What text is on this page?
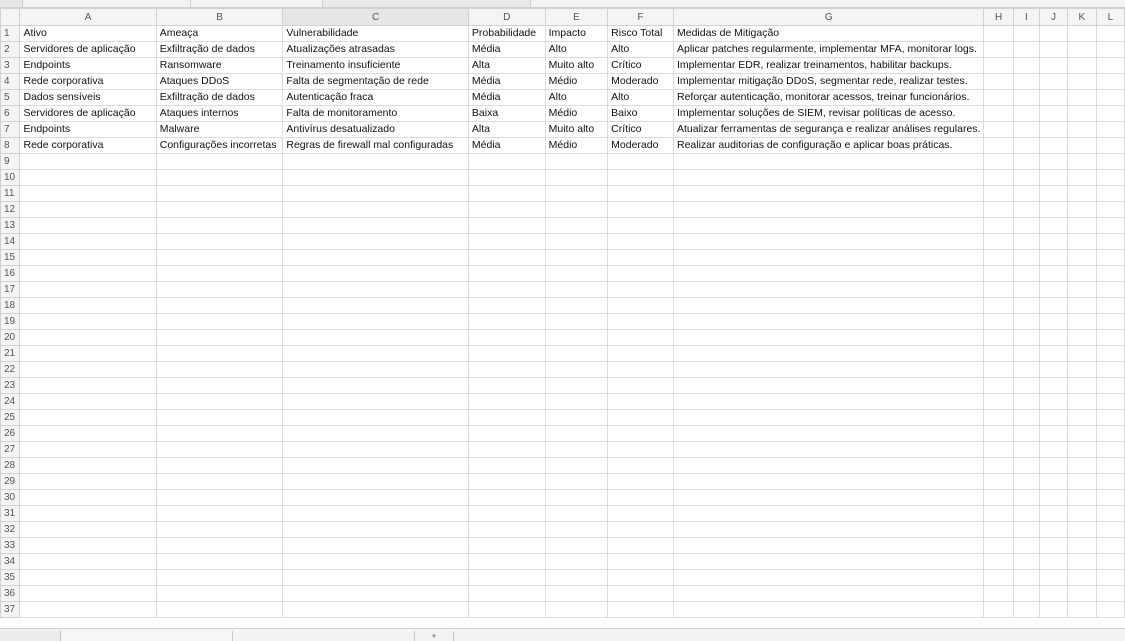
	A	B	C	D	E	F	G	H	I	J	K	L
1	Ativo	Ameaça	Vulnerabilidade	Probabilidade	Impacto	Risco Total	Medidas de Mitigação					
2	Servidores de aplicação	Exfiltração de dados	Atualizações atrasadas	Média	Alto	Alto	Aplicar patches regularmente, implementar MFA, monitorar logs.					
3	Endpoints	Ransomware	Treinamento insuficiente	Alta	Muito alto	Crítico	Implementar EDR, realizar treinamentos, habilitar backups.					
4	Rede corporativa	Ataques DDoS	Falta de segmentação de rede	Média	Médio	Moderado	Implementar mitigação DDoS, segmentar rede, realizar testes.					
5	Dados sensíveis	Exfiltração de dados	Autenticação fraca	Média	Alto	Alto	Reforçar autenticação, monitorar acessos, treinar funcionários.					
6	Servidores de aplicação	Ataques internos	Falta de monitoramento	Baixa	Médio	Baixo	Implementar soluções de SIEM, revisar políticas de acesso.					
7	Endpoints	Malware	Antivírus desatualizado	Alta	Muito alto	Crítico	Atualizar ferramentas de segurança e realizar análises regulares.					
8	Rede corporativa	Configurações incorretas	Regras de firewall mal configuradas	Média	Médio	Moderado	Realizar auditorias de configuração e aplicar boas práticas.					
9												
10												
11												
12												
13												
14												
15												
16												
17												
18												
19												
20												
21												
22												
23												
24												
25												
26												
27												
28												
29												
30												
31												
32												
33												
34												
35												
36												
37												
+
